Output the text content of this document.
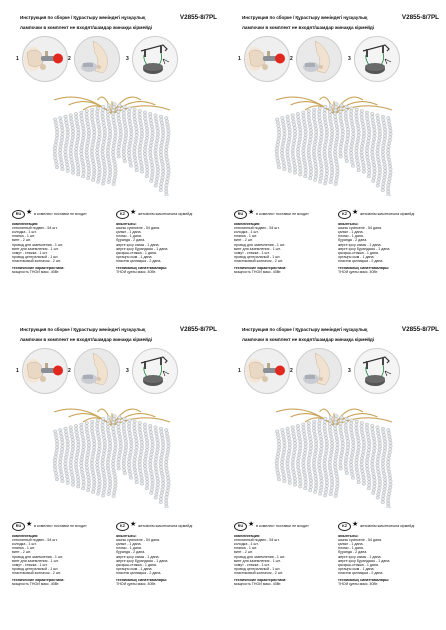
Инструкция по сборке / Құрастыру жөніндегі нұсқаулық	V2855-8/7PL
лампочки в комплект не входят/шамдар жинаққа кірмейді
1	2	3
RU ★ в комплект поставки не входит
комплектация:
стеклянный подвес - 54 шт.
колодка - 1 шт.
планка - 1 шт.
винт - 2 шт.
провод для заземления - 1 шт.
винт для заземления - 1 шт.
хомут - стяжка - 1 шт.
провод центральный - 1 шт.
пластиковый колпачок - 2 шт.
технические характеристики:
мощность ТНОИ макс. 40Вт.
KZ ★ жеткізілім жиынтығына кірмейді
жиынтығы:
шыны сусінкеле - 54 дана.
қалып - 1 дана.
пломо - 1 дана.
бұранда - 2 дана.
жерге қосу сымы - 1 дана.
жерге қосу бұрандасы - 1 дана.
қысқыш-стяжка - 1 дана.
ортаңғы сым - 1 дана.
пластик қалпақша - 2 дана.
техникалық сипаттамалары:
ТНОИ қуаты макс. 40Вт.
Инструкция по сборке / Құрастыру жөніндегі нұсқаулық	V2855-8/7PL
лампочки в комплект не входят/шамдар жинаққа кірмейді
1	2	3
RU ★ в комплект поставки не входит
комплектация:
стеклянный подвес - 54 шт.
колодка - 1 шт.
планка - 1 шт.
винт - 2 шт.
провод для заземления - 1 шт.
винт для заземления - 1 шт.
хомут - стяжка - 1 шт.
провод центральный - 1 шт.
пластиковый колпачок - 2 шт.
технические характеристики:
мощность ТНОИ макс. 40Вт.
KZ ★ жеткізілім жиынтығына кірмейді
жиынтығы:
шыны сусінкеле - 54 дана.
қалып - 1 дана.
пломо - 1 дана.
бұранда - 2 дана.
жерге қосу сымы - 1 дана.
жерге қосу бұрандасы - 1 дана.
қысқыш-стяжка - 1 дана.
ортаңғы сым - 1 дана.
пластик қалпақша - 2 дана.
техникалық сипаттамалары:
ТНОИ қуаты макс. 40Вт.
Инструкция по сборке / Құрастыру жөніндегі нұсқаулық	V2855-8/7PL
лампочки в комплект не входят/шамдар жинаққа кірмейді
1	2	3
RU ★ в комплект поставки не входит
комплектация:
стеклянный подвес - 54 шт.
колодка - 1 шт.
планка - 1 шт.
винт - 2 шт.
провод для заземления - 1 шт.
винт для заземления - 1 шт.
хомут - стяжка - 1 шт.
провод центральный - 1 шт.
пластиковый колпачок - 2 шт.
технические характеристики:
мощность ТНОИ макс. 40Вт.
KZ ★ жеткізілім жиынтығына кірмейді
жиынтығы:
шыны сусінкеле - 54 дана.
қалып - 1 дана.
пломо - 1 дана.
бұранда - 2 дана.
жерге қосу сымы - 1 дана.
жерге қосу бұрандасы - 1 дана.
қысқыш-стяжка - 1 дана.
ортаңғы сым - 1 дана.
пластик қалпақша - 2 дана.
техникалық сипаттамалары:
ТНОИ қуаты макс. 40Вт.
Инструкция по сборке / Құрастыру жөніндегі нұсқаулық	V2855-8/7PL
лампочки в комплект не входят/шамдар жинаққа кірмейді
1	2	3
RU ★ в комплект поставки не входит
комплектация:
стеклянный подвес - 54 шт.
колодка - 1 шт.
планка - 1 шт.
винт - 2 шт.
провод для заземления - 1 шт.
винт для заземления - 1 шт.
хомут - стяжка - 1 шт.
провод центральный - 1 шт.
пластиковый колпачок - 2 шт.
технические характеристики:
мощность ТНОИ макс. 40Вт.
KZ ★ жеткізілім жиынтығына кірмейді
жиынтығы:
шыны сусінкеле - 54 дана.
қалып - 1 дана.
пломо - 1 дана.
бұранда - 2 дана.
жерге қосу сымы - 1 дана.
жерге қосу бұрандасы - 1 дана.
қысқыш-стяжка - 1 дана.
ортаңғы сым - 1 дана.
пластик қалпақша - 2 дана.
техникалық сипаттамалары:
ТНОИ қуаты макс. 40Вт.
